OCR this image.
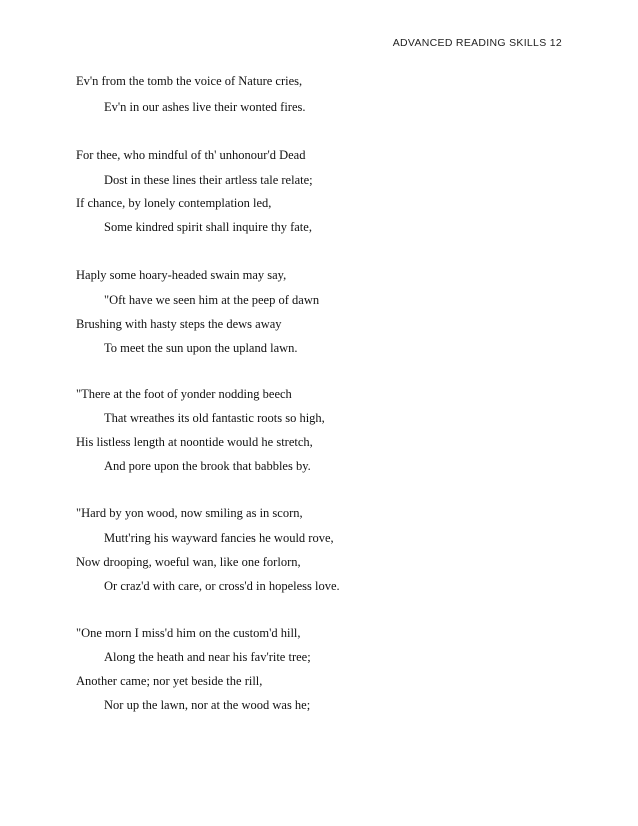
ADVANCED READING SKILLS 12
Ev'n from the tomb the voice of Nature cries,
Ev'n in our ashes live their wonted fires.
For thee, who mindful of th' unhonour'd Dead
Dost in these lines their artless tale relate;
If chance, by lonely contemplation led,
Some kindred spirit shall inquire thy fate,
Haply some hoary-headed swain may say,
"Oft have we seen him at the peep of dawn
Brushing with hasty steps the dews away
To meet the sun upon the upland lawn.
"There at the foot of yonder nodding beech
That wreathes its old fantastic roots so high,
His listless length at noontide would he stretch,
And pore upon the brook that babbles by.
"Hard by yon wood, now smiling as in scorn,
Mutt'ring his wayward fancies he would rove,
Now drooping, woeful wan, like one forlorn,
Or craz'd with care, or cross'd in hopeless love.
"One morn I miss'd him on the custom'd hill,
Along the heath and near his fav'rite tree;
Another came; nor yet beside the rill,
Nor up the lawn, nor at the wood was he;
